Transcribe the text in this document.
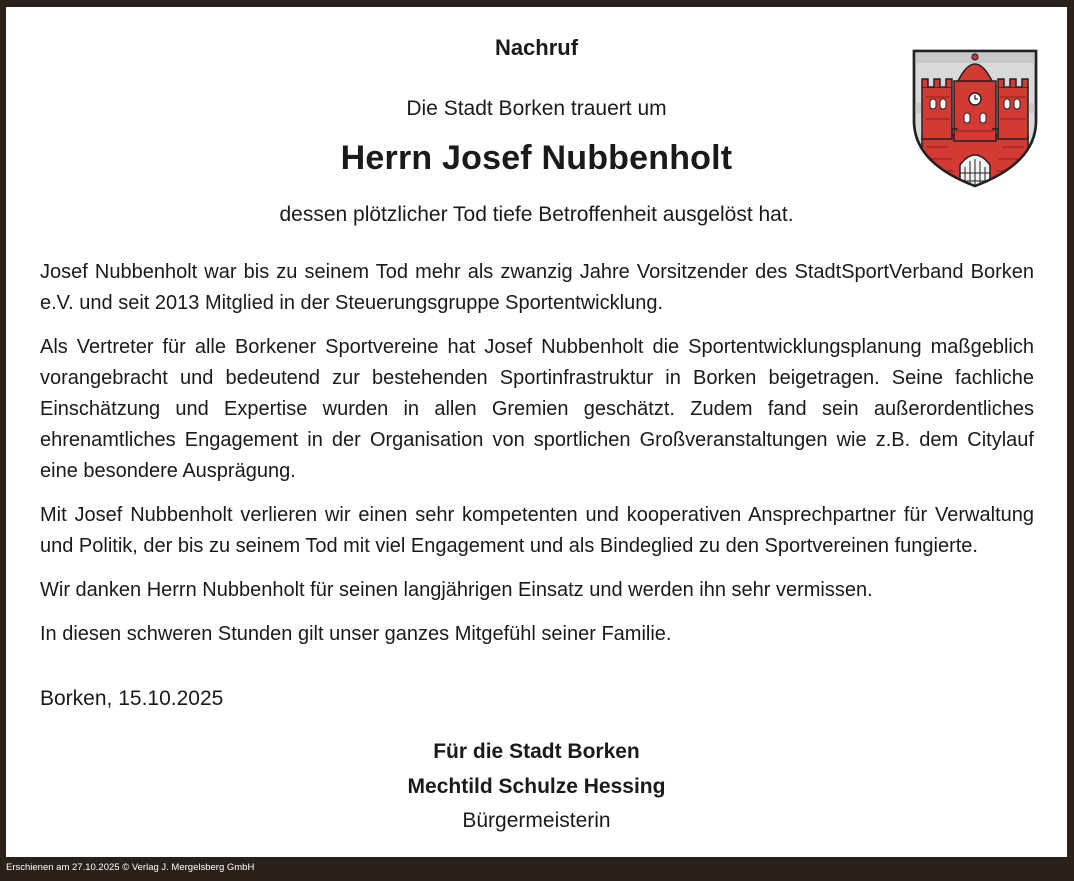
Nachruf
Die Stadt Borken trauert um
Herrn Josef Nubbenholt
dessen plötzlicher Tod tiefe Betroffenheit ausgelöst hat.

Josef Nubbenholt war bis zu seinem Tod mehr als zwanzig Jahre Vorsitzender des StadtSportVerband Borken e.V. und seit 2013 Mitglied in der Steuerungsgruppe Sportentwicklung.

Als Vertreter für alle Borkener Sportvereine hat Josef Nubbenholt die Sportentwicklungsplanung maßgeblich vorangebracht und bedeutend zur bestehenden Sportinfrastruktur in Borken beigetragen. Seine fachliche Einschätzung und Expertise wurden in allen Gremien geschätzt. Zudem fand sein außerordentliches ehrenamtliches Engagement in der Organisation von sportlichen Großveranstaltungen wie z.B. dem Citylauf eine besondere Ausprägung.

Mit Josef Nubbenholt verlieren wir einen sehr kompetenten und kooperativen Ansprechpartner für Verwaltung und Politik, der bis zu seinem Tod mit viel Engagement und als Bindeglied zu den Sportvereinen fungierte.

Wir danken Herrn Nubbenholt für seinen langjährigen Einsatz und werden ihn sehr vermissen.

In diesen schweren Stunden gilt unser ganzes Mitgefühl seiner Familie.

Borken, 15.10.2025
Für die Stadt Borken
Mechtild Schulze Hessing
Bürgermeisterin
Erschienen am 27.10.2025 © Verlag J. Mergelsberg GmbH
